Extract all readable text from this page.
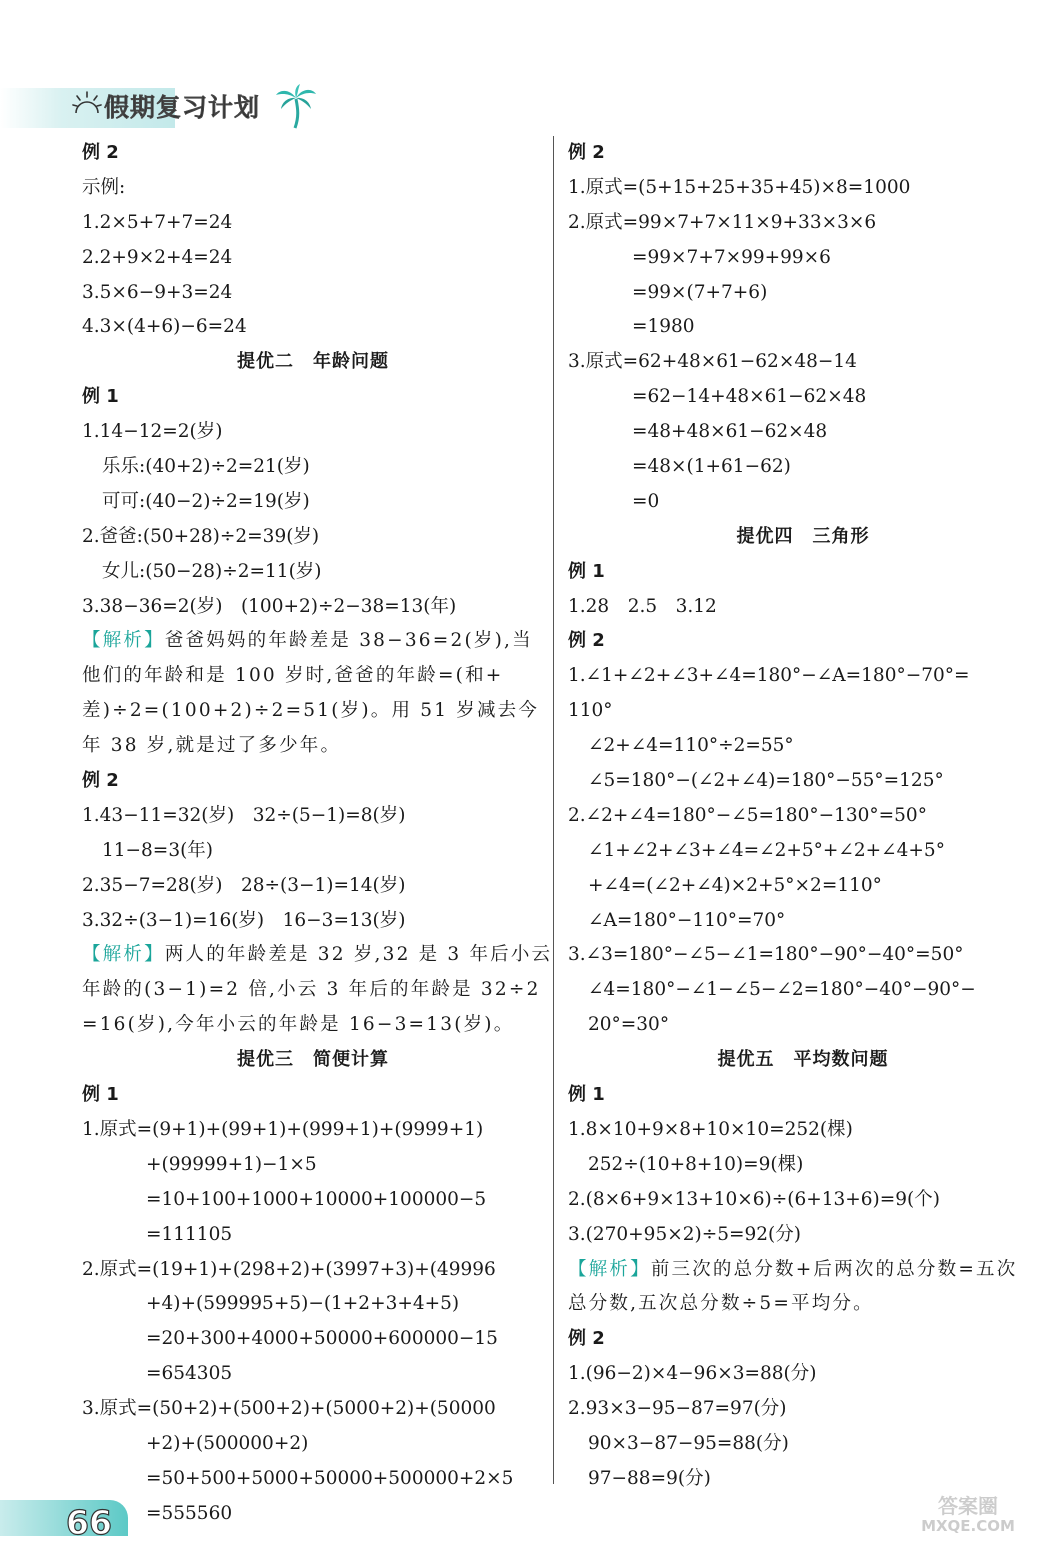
假期复习计划
例 2
示例:
1.2×5+7+7=24
2.2+9×2+4=24
3.5×6−9+3=24
4.3×(4+6)−6=24
提优二　年龄问题
例 1
1.14−12=2(岁)
乐乐:(40+2)÷2=21(岁)
可可:(40−2)÷2=19(岁)
2.爸爸:(50+28)÷2=39(岁)
女儿:(50−28)÷2=11(岁)
3.38−36=2(岁)　(100+2)÷2−38=13(年)
【解析】爸爸妈妈的年龄差是 38−36=2(岁),当
他们的年龄和是 100 岁时,爸爸的年龄=(和+
差)÷2=(100+2)÷2=51(岁)。用 51 岁减去今
年 38 岁,就是过了多少年。
例 2
1.43−11=32(岁)　32÷(5−1)=8(岁)
11−8=3(年)
2.35−7=28(岁)　28÷(3−1)=14(岁)
3.32÷(3−1)=16(岁)　16−3=13(岁)
【解析】两人的年龄差是 32 岁,32 是 3 年后小云
年龄的(3−1)=2 倍,小云 3 年后的年龄是 32÷2
=16(岁),今年小云的年龄是 16−3=13(岁)。
提优三　简便计算
例 1
1.原式=(9+1)+(99+1)+(999+1)+(9999+1)
+(99999+1)−1×5
=10+100+1000+10000+100000−5
=111105
2.原式=(19+1)+(298+2)+(3997+3)+(49996
+4)+(599995+5)−(1+2+3+4+5)
=20+300+4000+50000+600000−15
=654305
3.原式=(50+2)+(500+2)+(5000+2)+(50000
+2)+(500000+2)
=50+500+5000+50000+500000+2×5
=555560
例 2
1.原式=(5+15+25+35+45)×8=1000
2.原式=99×7+7×11×9+33×3×6
=99×7+7×99+99×6
=99×(7+7+6)
=1980
3.原式=62+48×61−62×48−14
=62−14+48×61−62×48
=48+48×61−62×48
=48×(1+61−62)
=0
提优四　三角形
例 1
1.28　2.5　3.12
例 2
1.∠1+∠2+∠3+∠4=180°−∠A=180°−70°=
110°
∠2+∠4=110°÷2=55°
∠5=180°−(∠2+∠4)=180°−55°=125°
2.∠2+∠4=180°−∠5=180°−130°=50°
∠1+∠2+∠3+∠4=∠2+5°+∠2+∠4+5°
+∠4=(∠2+∠4)×2+5°×2=110°
∠A=180°−110°=70°
3.∠3=180°−∠5−∠1=180°−90°−40°=50°
∠4=180°−∠1−∠5−∠2=180°−40°−90°−
20°=30°
提优五　平均数问题
例 1
1.8×10+9×8+10×10=252(棵)
252÷(10+8+10)=9(棵)
2.(8×6+9×13+10×6)÷(6+13+6)=9(个)
3.(270+95×2)÷5=92(分)
【解析】前三次的总分数+后两次的总分数=五次
总分数,五次总分数÷5=平均分。
例 2
1.(96−2)×4−96×3=88(分)
2.93×3−95−87=97(分)
90×3−87−95=88(分)
97−88=9(分)
66	答案圈
MXQE.COM
